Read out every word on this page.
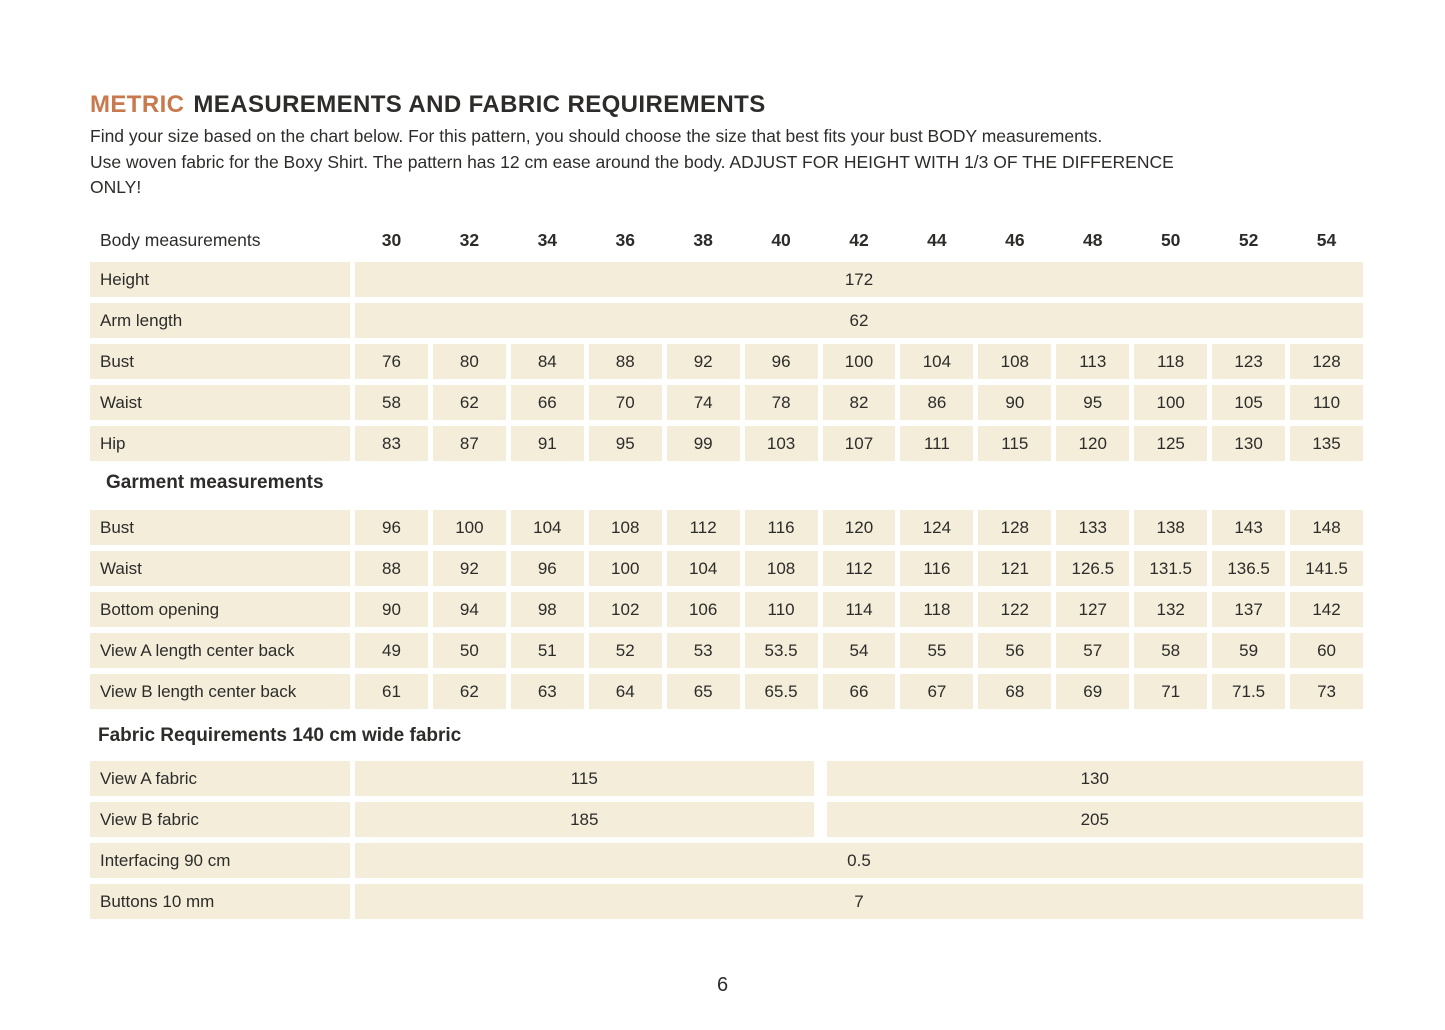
METRIC MEASUREMENTS AND FABRIC REQUIREMENTS
Find your size based on the chart below. For this pattern, you should choose the size that best fits your bust BODY measurements.
Use woven fabric for the Boxy Shirt. The pattern has 12 cm ease around the body. ADJUST FOR HEIGHT WITH 1/3 OF THE DIFFERENCE
ONLY!
Body measurements	30	32	34	36	38	40	42	44	46	48	50	52	54
Height	172
Arm length	62
Bust	76	80	84	88	92	96	100	104	108	113	118	123	128
Waist	58	62	66	70	74	78	82	86	90	95	100	105	110
Hip	83	87	91	95	99	103	107	111	115	120	125	130	135
Garment measurements
Bust	96	100	104	108	112	116	120	124	128	133	138	143	148
Waist	88	92	96	100	104	108	112	116	121	126.5	131.5	136.5	141.5
Bottom opening	90	94	98	102	106	110	114	118	122	127	132	137	142
View A length center back	49	50	51	52	53	53.5	54	55	56	57	58	59	60
View B length center back	61	62	63	64	65	65.5	66	67	68	69	71	71.5	73
Fabric Requirements 140 cm wide fabric
View A fabric	115	130
View B fabric	185	205
Interfacing 90 cm	0.5
Buttons 10 mm	7
6
